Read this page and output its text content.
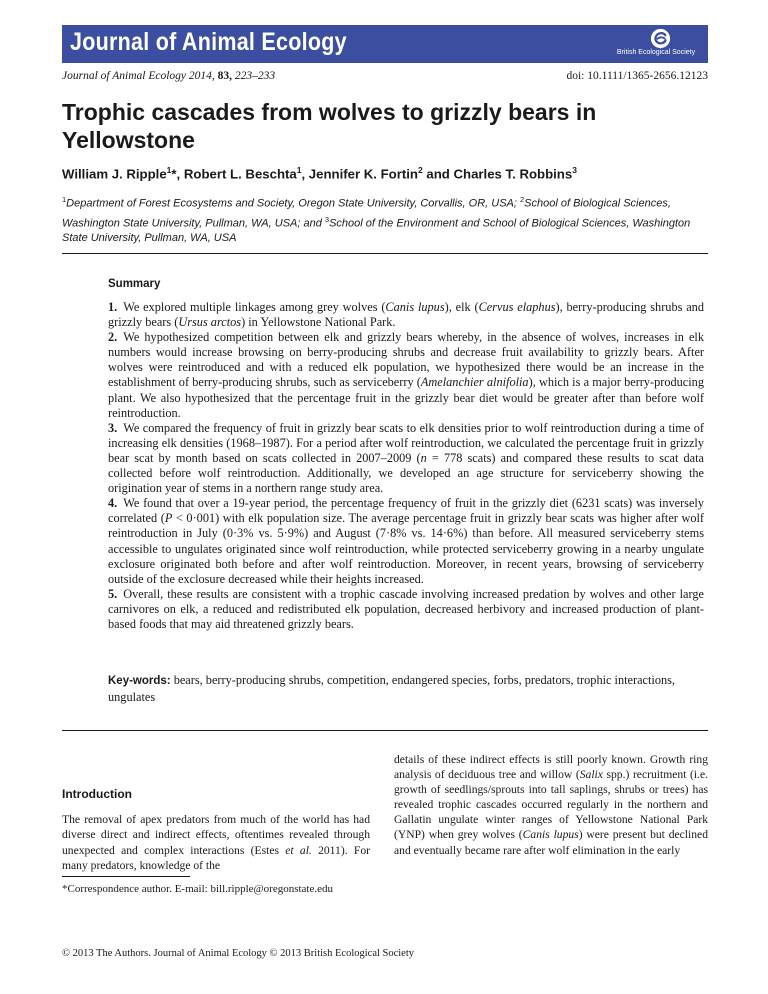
Journal of Animal Ecology	British Ecological Society
Journal of Animal Ecology 2014, 83, 223–233	doi: 10.1111/1365-2656.12123
Trophic cascades from wolves to grizzly bears in Yellowstone
William J. Ripple$^1$*, Robert L. Beschta$^1$, Jennifer K. Fortin$^2$ and Charles T. Robbins$^3$
$^1$Department of Forest Ecosystems and Society, Oregon State University, Corvallis, OR, USA; $^2$School of Biological Sciences, Washington State University, Pullman, WA, USA; and $^3$School of the Environment and School of Biological Sciences, Washington State University, Pullman, WA, USA
Summary

1. We explored multiple linkages among grey wolves (Canis lupus), elk (Cervus elaphus), berry-producing shrubs and grizzly bears (Ursus arctos) in Yellowstone National Park.

2. We hypothesized competition between elk and grizzly bears whereby, in the absence of wolves, increases in elk numbers would increase browsing on berry-producing shrubs and decrease fruit availability to grizzly bears. After wolves were reintroduced and with a reduced elk population, we hypothesized there would be an increase in the establishment of berry-producing shrubs, such as serviceberry (Amelanchier alnifolia), which is a major berry-producing plant. We also hypothesized that the percentage fruit in the grizzly bear diet would be greater after than before wolf reintroduction.

3. We compared the frequency of fruit in grizzly bear scats to elk densities prior to wolf reintroduction during a time of increasing elk densities (1968–1987). For a period after wolf reintroduction, we calculated the percentage fruit in grizzly bear scat by month based on scats collected in 2007–2009 (n = 778 scats) and compared these results to scat data collected before wolf reintroduction. Additionally, we developed an age structure for serviceberry showing the origination year of stems in a northern range study area.

4. We found that over a 19-year period, the percentage frequency of fruit in the grizzly diet (6231 scats) was inversely correlated (P < 0·001) with elk population size. The average percentage fruit in grizzly bear scats was higher after wolf reintroduction in July (0·3% vs. 5·9%) and August (7·8% vs. 14·6%) than before. All measured serviceberry stems accessible to ungulates originated since wolf reintroduction, while protected serviceberry growing in a nearby ungulate exclosure originated both before and after wolf reintroduction. Moreover, in recent years, browsing of serviceberry outside of the exclosure decreased while their heights increased.

5. Overall, these results are consistent with a trophic cascade involving increased predation by wolves and other large carnivores on elk, a reduced and redistributed elk population, decreased herbivory and increased production of plant-based foods that may aid threatened grizzly bears.

Key-words: bears, berry-producing shrubs, competition, endangered species, forbs, predators, trophic interactions, ungulates
Introduction

The removal of apex predators from much of the world has had diverse direct and indirect effects, oftentimes revealed through unexpected and complex interactions (Estes et al. 2011). For many predators, knowledge of the

details of these indirect effects is still poorly known. Growth ring analysis of deciduous tree and willow (Salix spp.) recruitment (i.e. growth of seedlings/sprouts into tall saplings, shrubs or trees) has revealed trophic cascades occurred regularly in the northern and Gallatin ungulate winter ranges of Yellowstone National Park (YNP) when grey wolves (Canis lupus) were present but declined and eventually became rare after wolf elimination in the early

*Correspondence author. E-mail: bill.ripple@oregonstate.edu
© 2013 The Authors. Journal of Animal Ecology © 2013 British Ecological Society
